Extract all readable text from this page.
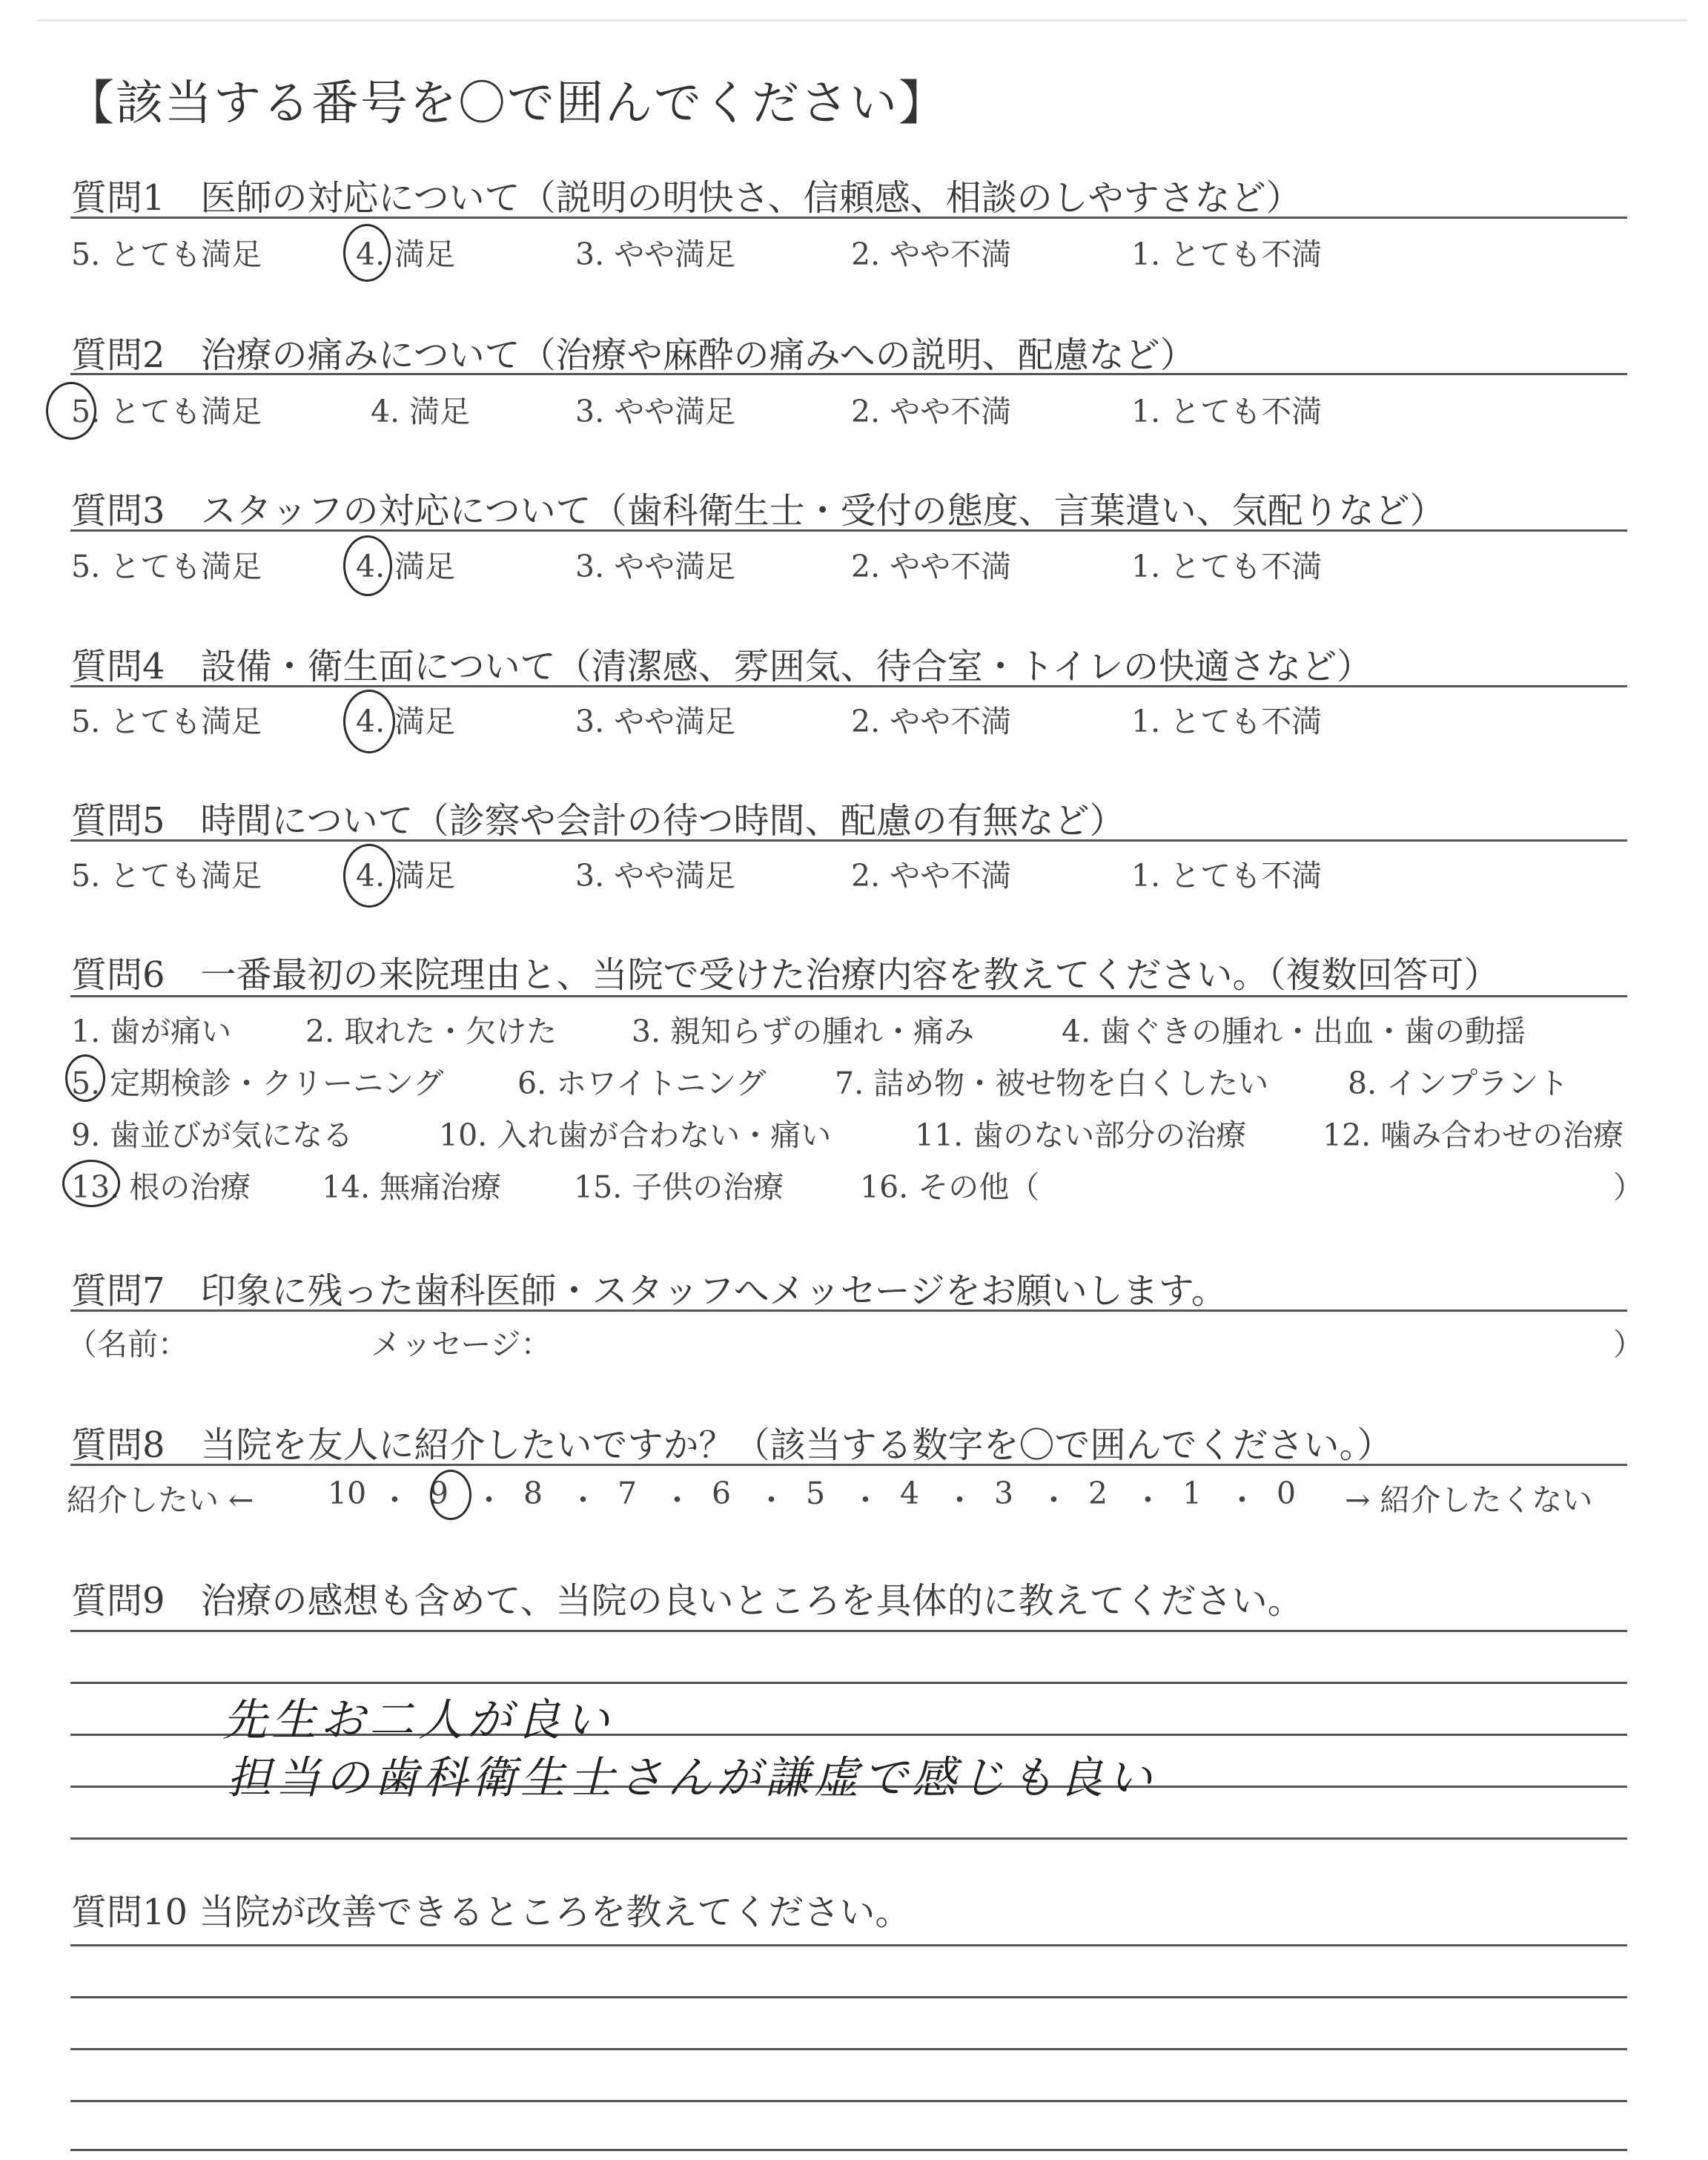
【該当する番号を〇で囲んでください】
質問1　医師の対応について（説明の明快さ、信頼感、相談のしやすさなど）
5. とても満足	4. 満足	3. やや満足	2. やや不満	1. とても不満
質問2　治療の痛みについて（治療や麻酔の痛みへの説明、配慮など）
5. とても満足	4. 満足	3. やや満足	2. やや不満	1. とても不満
質問3　スタッフの対応について（歯科衛生士・受付の態度、言葉遣い、気配りなど）
5. とても満足	4. 満足	3. やや満足	2. やや不満	1. とても不満
質問4　設備・衛生面について（清潔感、雰囲気、待合室・トイレの快適さなど）
5. とても満足	4. 満足	3. やや満足	2. やや不満	1. とても不満
質問5　時間について（診察や会計の待つ時間、配慮の有無など）
5. とても満足	4. 満足	3. やや満足	2. やや不満	1. とても不満
質問6　一番最初の来院理由と、当院で受けた治療内容を教えてください。（複数回答可）
1. 歯が痛い 2. 取れた・欠けた 3. 親知らずの腫れ・痛み	4. 歯ぐきの腫れ・出血・歯の動揺
5. 定期検診・クリーニング 6. ホワイトニング 7. 詰め物・被せ物を白くしたい	8. インプラント
9. 歯並びが気になる	10. 入れ歯が合わない・痛い	11. 歯のない部分の治療	12. 噛み合わせの治療
13. 根の治療 14. 無痛治療 15. 子供の治療	16. その他（	）
質問7　印象に残った歯科医師・スタッフへメッセージをお願いします。
（名前：	メッセージ：	）
質問8　当院を友人に紹介したいですか？（該当する数字を〇で囲んでください。）
紹介したい ←	→ 紹介したくない
10 ・ 9 ・ 8 ・ 7 ・ 6 ・ 5 ・ 4 ・ 3 ・ 2 ・ 1 ・ 0
質問9　治療の感想も含めて、当院の良いところを具体的に教えてください。
先生お二人が良い
担当の歯科衛生士さんが謙虚で感じも良い
質問10 当院が改善できるところを教えてください。
